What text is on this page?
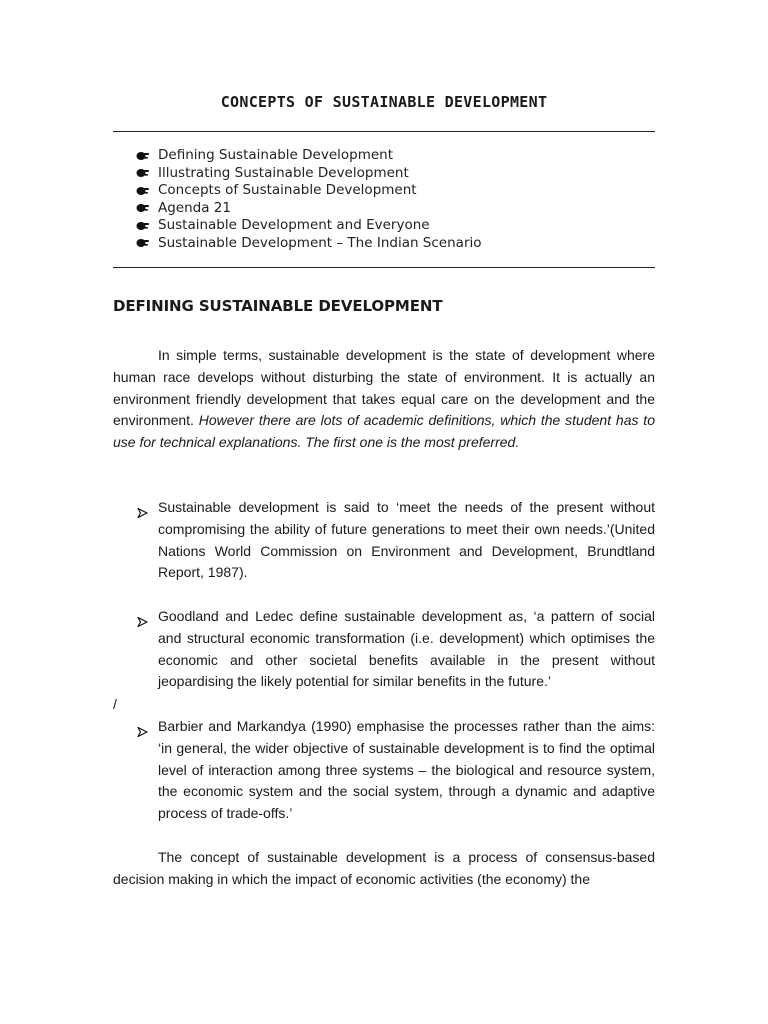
CONCEPTS OF SUSTAINABLE DEVELOPMENT
Defining Sustainable Development
Illustrating Sustainable Development
Concepts of Sustainable Development
Agenda 21
Sustainable Development and Everyone
Sustainable Development – The Indian Scenario
DEFINING SUSTAINABLE DEVELOPMENT

In simple terms, sustainable development is the state of development where human race develops without disturbing the state of environment. It is actually an environment friendly development that takes equal care on the development and the environment. However there are lots of academic definitions, which the student has to use for technical explanations. The first one is the most preferred.

Sustainable development is said to ‘meet the needs of the present without compromising the ability of future generations to meet their own needs.’(United Nations World Commission on Environment and Development, Brundtland Report, 1987).
Goodland and Ledec define sustainable development as, ‘a pattern of social and structural economic transformation (i.e. development) which optimises the economic and other societal benefits available in the present without jeopardising the likely potential for similar benefits in the future.’
Barbier and Markandya (1990) emphasise the processes rather than the aims: ‘in general, the wider objective of sustainable development is to find the optimal level of interaction among three systems – the biological and resource system, the economic system and the social system, through a dynamic and adaptive process of trade-offs.’
/

The concept of sustainable development is a process of consensus-based decision making in which the impact of economic activities (the economy) the
